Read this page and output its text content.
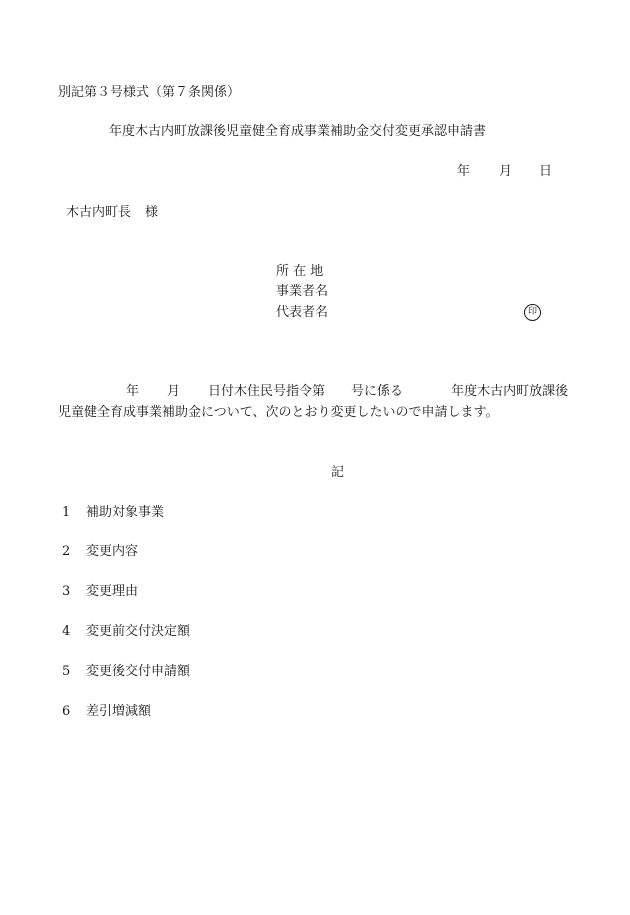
別記第３号様式（第７条関係）
年度木古内町放課後児童健全育成事業補助金交付変更承認申請書
年 月 日
木古内町長 様
所 在 地
事業者名
代表者名	印
年 月 日付木住民号指令第 号に係る	年度木古内町放課後
児童健全育成事業補助金について、次のとおり変更したいので申請します。
記
1 補助対象事業
2 変更内容
3 変更理由
4 変更前交付決定額
5 変更後交付申請額
6 差引増減額
